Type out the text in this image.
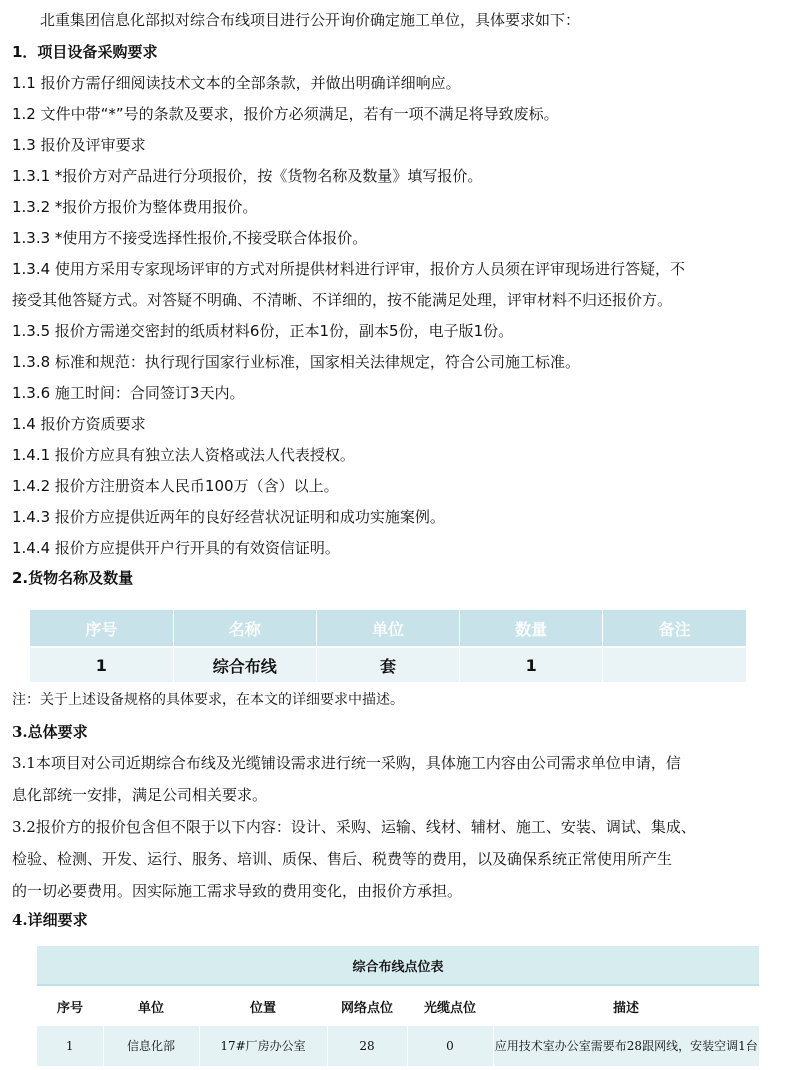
北重集团信息化部拟对综合布线项目进行公开询价确定施工单位，具体要求如下：
1．项目设备采购要求
1.1 报价方需仔细阅读技术文本的全部条款，并做出明确详细响应。
1.2 文件中带“*”号的条款及要求，报价方必须满足，若有一项不满足将导致废标。
1.3 报价及评审要求
1.3.1 *报价方对产品进行分项报价，按《货物名称及数量》填写报价。
1.3.2 *报价方报价为整体费用报价。
1.3.3 *使用方不接受选择性报价,不接受联合体报价。
1.3.4 使用方采用专家现场评审的方式对所提供材料进行评审，报价方人员须在评审现场进行答疑，不
接受其他答疑方式。对答疑不明确、不清晰、不详细的，按不能满足处理，评审材料不归还报价方。
1.3.5 报价方需递交密封的纸质材料6份，正本1份，副本5份，电子版1份。
1.3.8 标准和规范：执行现行国家行业标准，国家相关法律规定，符合公司施工标准。
1.3.6 施工时间：合同签订3天内。
1.4 报价方资质要求
1.4.1 报价方应具有独立法人资格或法人代表授权。
1.4.2 报价方注册资本人民币100万（含）以上。
1.4.3 报价方应提供近两年的良好经营状况证明和成功实施案例。
1.4.4 报价方应提供开户行开具的有效资信证明。
2.货物名称及数量
序号	名称	单位	数量	备注
1	综合布线	套	1	
注：关于上述设备规格的具体要求，在本文的详细要求中描述。
3.总体要求
3.1本项目对公司近期综合布线及光缆铺设需求进行统一采购，具体施工内容由公司需求单位申请，信
息化部统一安排，满足公司相关要求。
3.2报价方的报价包含但不限于以下内容：设计、采购、运输、线材、辅材、施工、安装、调试、集成、
检验、检测、开发、运行、服务、培训、质保、售后、税费等的费用，以及确保系统正常使用所产生
的一切必要费用。因实际施工需求导致的费用变化，由报价方承担。
4.详细要求
综合布线点位表					
序号	单位	位置	网络点位	光缆点位	描述
1	信息化部	17#厂房办公室	28	0	应用技术室办公室需要布28跟网线，安装空调1台
